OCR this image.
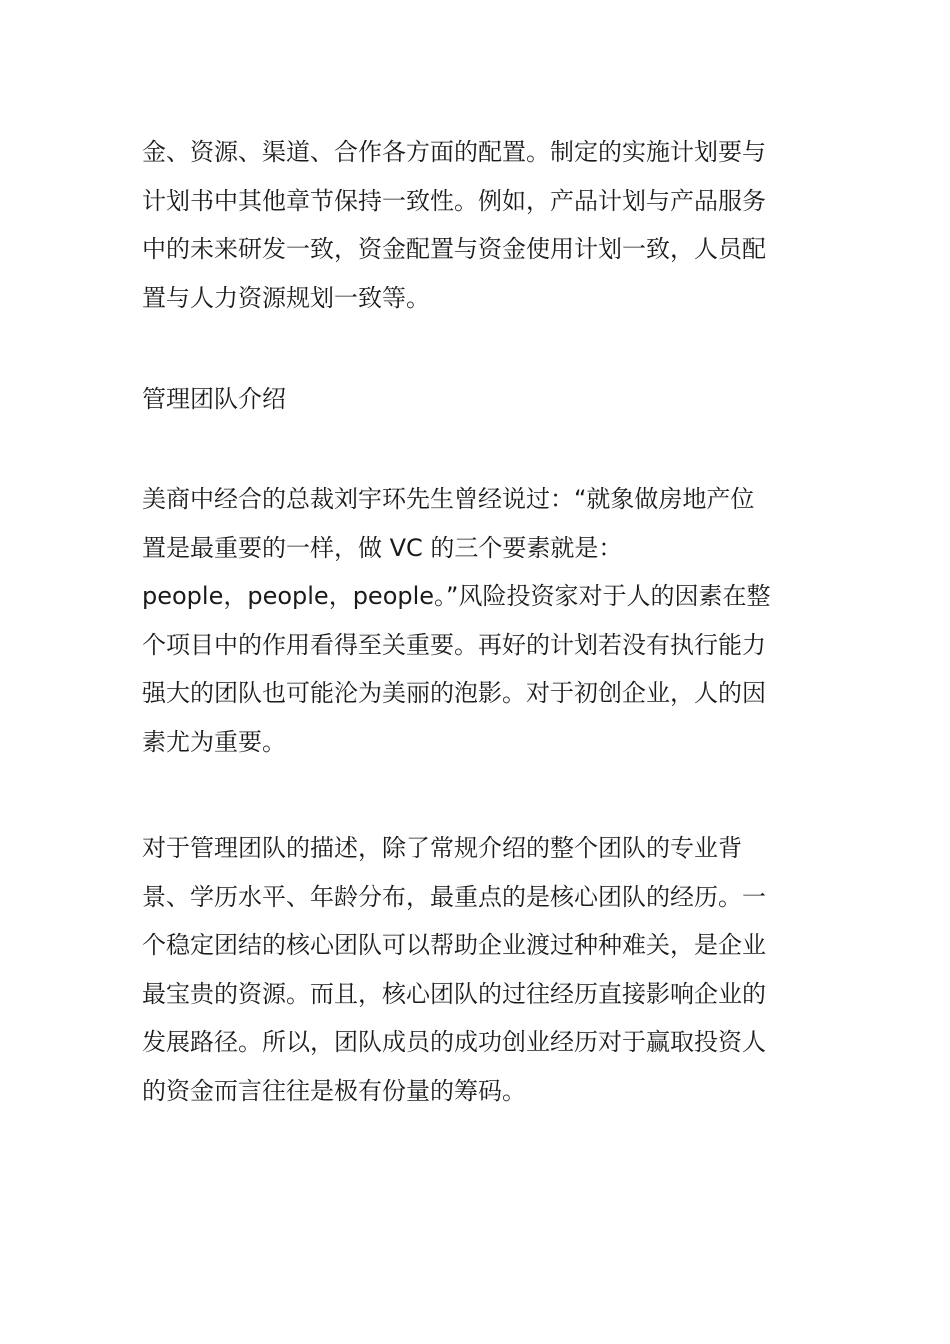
金、资源、渠道、合作各方面的配置。制定的实施计划要与
计划书中其他章节保持一致性。例如，产品计划与产品服务
中的未来研发一致，资金配置与资金使用计划一致，人员配
置与人力资源规划一致等。

管理团队介绍

美商中经合的总裁刘宇环先生曾经说过：“就象做房地产位
置是最重要的一样，做 VC 的三个要素就是：
people，people，people。”风险投资家对于人的因素在整
个项目中的作用看得至关重要。再好的计划若没有执行能力
强大的团队也可能沦为美丽的泡影。对于初创企业，人的因
素尤为重要。

对于管理团队的描述，除了常规介绍的整个团队的专业背
景、学历水平、年龄分布，最重点的是核心团队的经历。一
个稳定团结的核心团队可以帮助企业渡过种种难关，是企业
最宝贵的资源。而且，核心团队的过往经历直接影响企业的
发展路径。所以，团队成员的成功创业经历对于赢取投资人
的资金而言往往是极有份量的筹码。
